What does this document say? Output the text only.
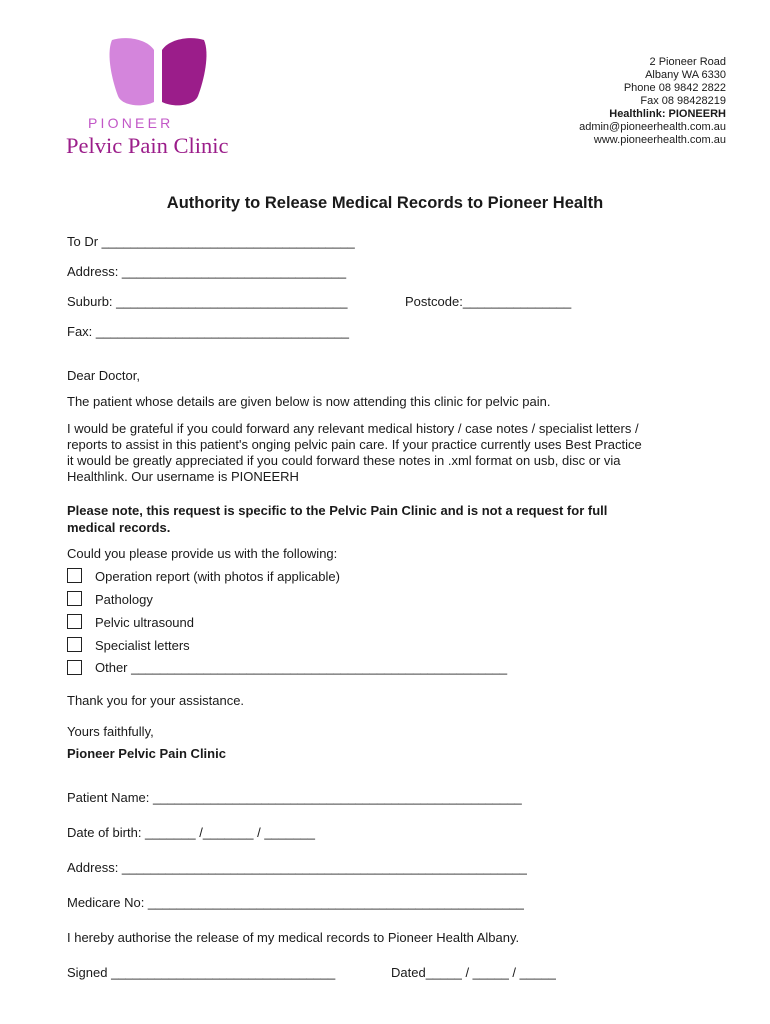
PIONEER
Pelvic Pain Clinic
2 Pioneer Road
Albany WA 6330
Phone 08 9842 2822
Fax 08 98428219
Healthlink: PIONEERH
admin@pioneerhealth.com.au
www.pioneerhealth.com.au
Authority to Release Medical Records to Pioneer Health
To Dr ___________________________________
Address: _______________________________
Suburb: ________________________________	Postcode:_______________
Fax: ___________________________________
Dear Doctor,
The patient whose details are given below is now attending this clinic for pelvic pain.
I would be grateful if you could forward any relevant medical history / case notes / specialist letters /
reports to assist in this patient's onging pelvic pain care. If your practice currently uses Best Practice
it would be greatly appreciated if you could forward these notes in .xml format on usb, disc or via
Healthlink. Our username is PIONEERH
Please note, this request is specific to the Pelvic Pain Clinic and is not a request for full
medical records.
Could you please provide us with the following:
Operation report (with photos if applicable)
Pathology
Pelvic ultrasound
Specialist letters
Other ____________________________________________________
Thank you for your assistance.
Yours faithfully,
Pioneer Pelvic Pain Clinic
Patient Name: ___________________________________________________
Date of birth: _______ /_______ / _______
Address: ________________________________________________________
Medicare No: ____________________________________________________
I hereby authorise the release of my medical records to Pioneer Health Albany.
Signed _______________________________	Dated_____ / _____ / _____
